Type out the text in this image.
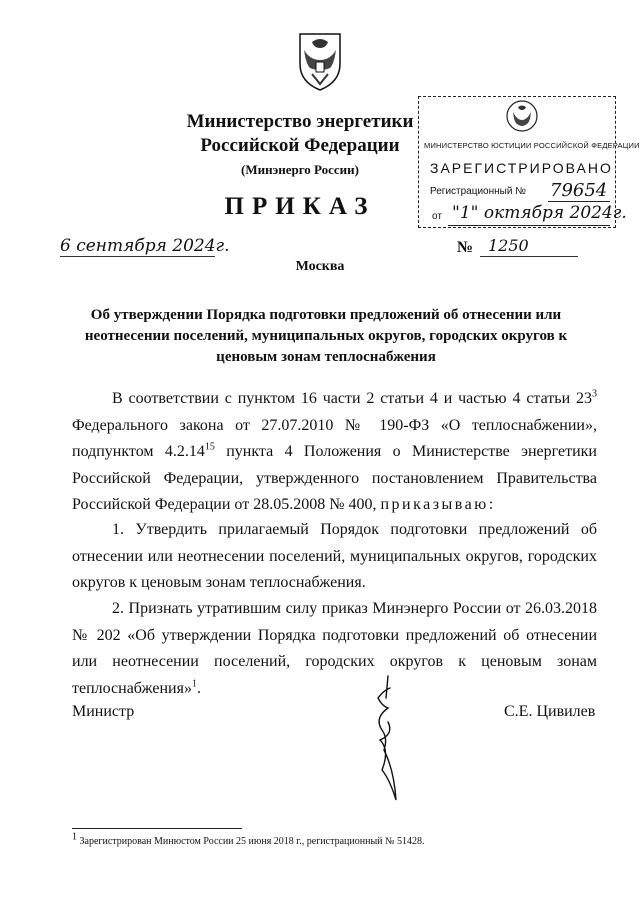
Министерство энергетики
Российской Федерации
(Минэнерго России)
ПРИКАЗ
МИНИСТЕРСТВО ЮСТИЦИИ РОССИЙСКОЙ ФЕДЕРАЦИИ
ЗАРЕГИСТРИРОВАНО
Регистрационный № 79654
от "1" октября 2024г.
6 сентября 2024г.	№ 1250
Москва
Об утверждении Порядка подготовки предложений об отнесении или неотнесении поселений, муниципальных округов, городских округов к ценовым зонам теплоснабжения

В соответствии с пунктом 16 части 2 статьи 4 и частью 4 статьи $23^3$ Федерального закона от 27.07.2010 № 190-ФЗ «О теплоснабжении», подпунктом 4.2.14$^{15}$ пункта 4 Положения о Министерстве энергетики Российской Федерации, утвержденного постановлением Правительства Российской Федерации от 28.05.2008 № 400, приказываю:

1. Утвердить прилагаемый Порядок подготовки предложений об отнесении или неотнесении поселений, муниципальных округов, городских округов к ценовым зонам теплоснабжения.

2. Признать утратившим силу приказ Минэнерго России от 26.03.2018 № 202 «Об утверждении Порядка подготовки предложений об отнесении или неотнесении поселений, городских округов к ценовым зонам теплоснабжения»$^1$.

Министр	С.Е. Цивилев
$^1$ Зарегистрирован Минюстом России 25 июня 2018 г., регистрационный № 51428.
